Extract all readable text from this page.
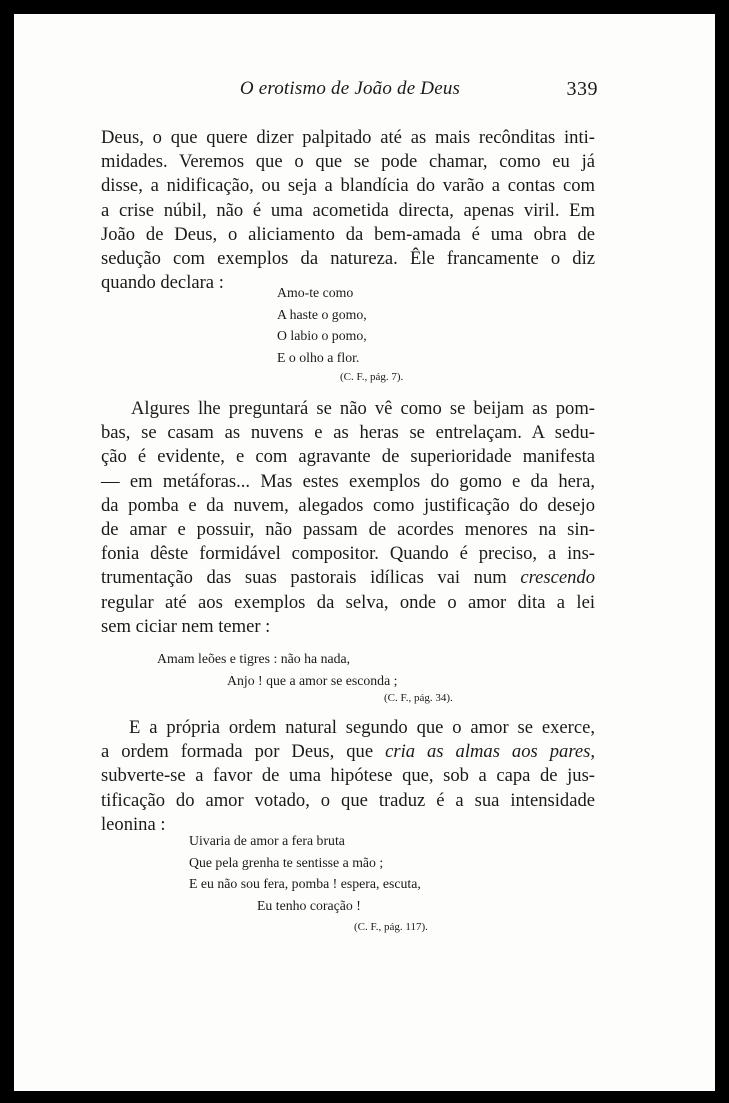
O erotismo de João de Deus	339

Deus, o que quere dizer palpitado até as mais recônditas inti-
midades. Veremos que o que se pode chamar, como eu já
disse, a nidificação, ou seja a blandícia do varão a contas com
a crise núbil, não é uma acometida directa, apenas viril. Em
João de Deus, o aliciamento da bem-amada é uma obra de
sedução com exemplos da natureza. Êle francamente o diz
quando declara :	Amo-te como
A haste o gomo,
O labio o pomo,
E o olho a flor.
(C. F., pág. 7).

Algures lhe preguntará se não vê como se beijam as pom-
bas, se casam as nuvens e as heras se entrelaçam. A sedu-
ção é evidente, e com agravante de superioridade manifesta
— em metáforas... Mas estes exemplos do gomo e da hera,
da pomba e da nuvem, alegados como justificação do desejo
de amar e possuir, não passam de acordes menores na sin-
fonia dêste formidável compositor. Quando é preciso, a ins-
trumentação das suas pastorais idílicas vai num crescendo
regular até aos exemplos da selva, onde o amor dita a lei
sem ciciar nem temer :

Amam leões e tigres : não ha nada,
Anjo ! que a amor se esconda ;
(C. F., pág. 34).

E a própria ordem natural segundo que o amor se exerce,
a ordem formada por Deus, que cria as almas aos pares,
subverte-se a favor de uma hipótese que, sob a capa de jus-
tificação do amor votado, o que traduz é a sua intensidade
leonina :

Uivaria de amor a fera bruta
Que pela grenha te sentisse a mão ;
E eu não sou fera, pomba ! espera, escuta,
Eu tenho coração !
(C. F., pág. 117).
